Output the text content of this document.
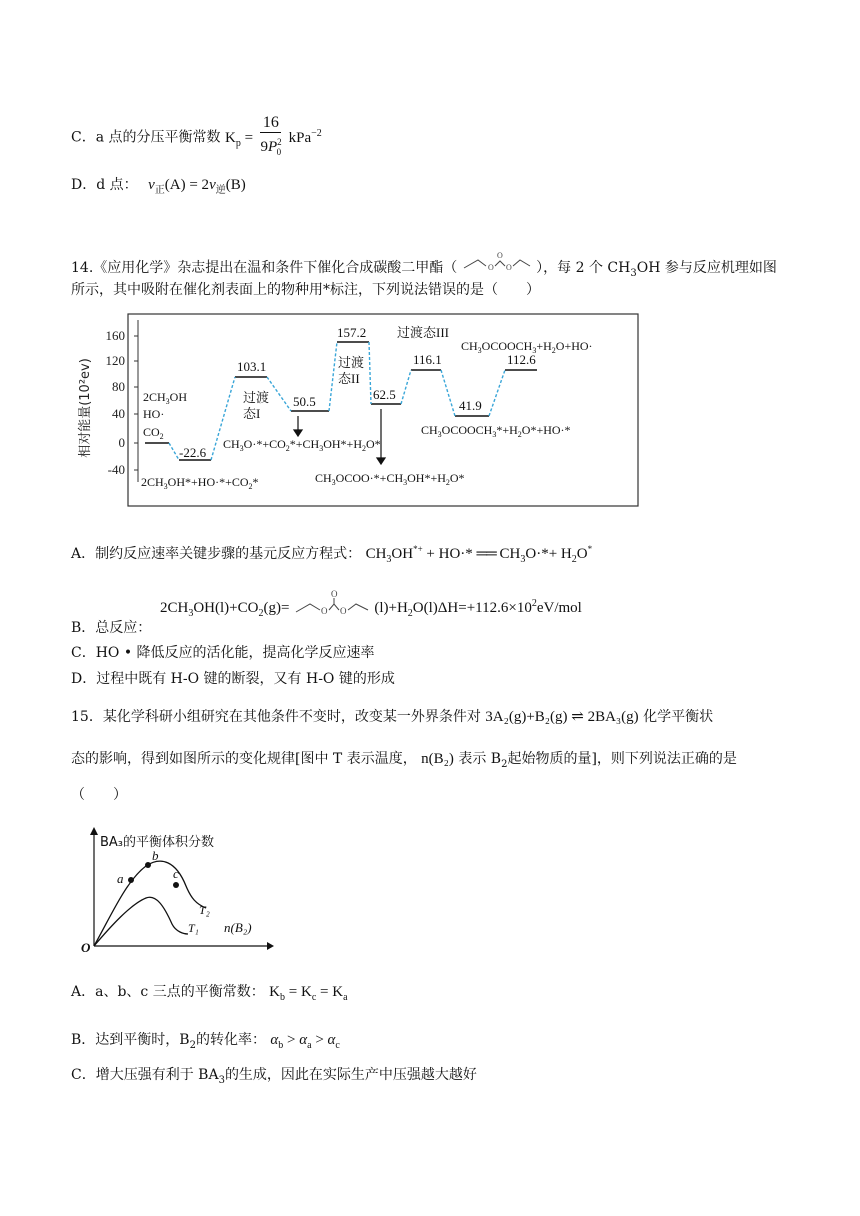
C．a 点的分压平衡常数 $K_p = \frac{16}{9P^2_0} kPa^{-2}$
D．d 点： $v_正(A) = 2v_逆(B)$
14.《应用化学》杂志提出在温和条件下催化合成碳酸二甲酯（	O
O
O ），每 2 个 $CH_3OH$ 参与反应机理如图
所示，其中吸附在催化剂表面上的物种用*标注，下列说法错误的是（　　）
160
120
80
40
0
-40
相对能量(10²ev)	-22.6
103.1
50.5
157.2
62.5
116.1
41.9
112.6
过渡
态I
过渡
态II
过渡态III
$2CH_3OH$
HO·
$CO_2$
$2CH_3OH*+HO\cdot*+CO_2*$
$CH_3O\cdot*+CO_2*+CH_3OH*+H_2O*$
$CH_3OCOO\cdot*+CH_3OH*+H_2O*$
$CH_3OCOOCH_3*+H_2O*+HO\cdot*$
$CH_3OCOOCH_3+H_2O+HO\cdot$
A．制约反应速率关键步骤的基元反应方程式： $CH_3OH^{*+} + HO\cdot*$ ══ $CH_3O\cdot*+ H_2O^*$
$2CH_3OH(l)+CO_2(g)=$	O
O
O $(l)+H_2O(l)\Delta H=+112.6\times 10^2eV$/mol
B．总反应：
C．HO • 降低反应的活化能，提高化学反应速率
D．过程中既有 H-O 键的断裂，又有 H-O 键的形成
15．某化学科研小组研究在其他条件不变时，改变某一外界条件对 3A₂(g)+B₂(g) ⇌ 2BA₃(g) 化学平衡状
态的影响，得到如图所示的变化规律[图中 T 表示温度， n(B₂) 表示 $B_2$起始物质的量]，则下列说法正确的是
（　　）
BA₃的平衡体积分数
O
n(B₂)
a
b
c
T₂
T₁
A．a、b、c 三点的平衡常数： $K_b = K_c = K_a$
B．达到平衡时，$B_2$的转化率： $\alpha_b > \alpha_a > \alpha_c$
C．增大压强有利于 $BA_3$的生成，因此在实际生产中压强越大越好
